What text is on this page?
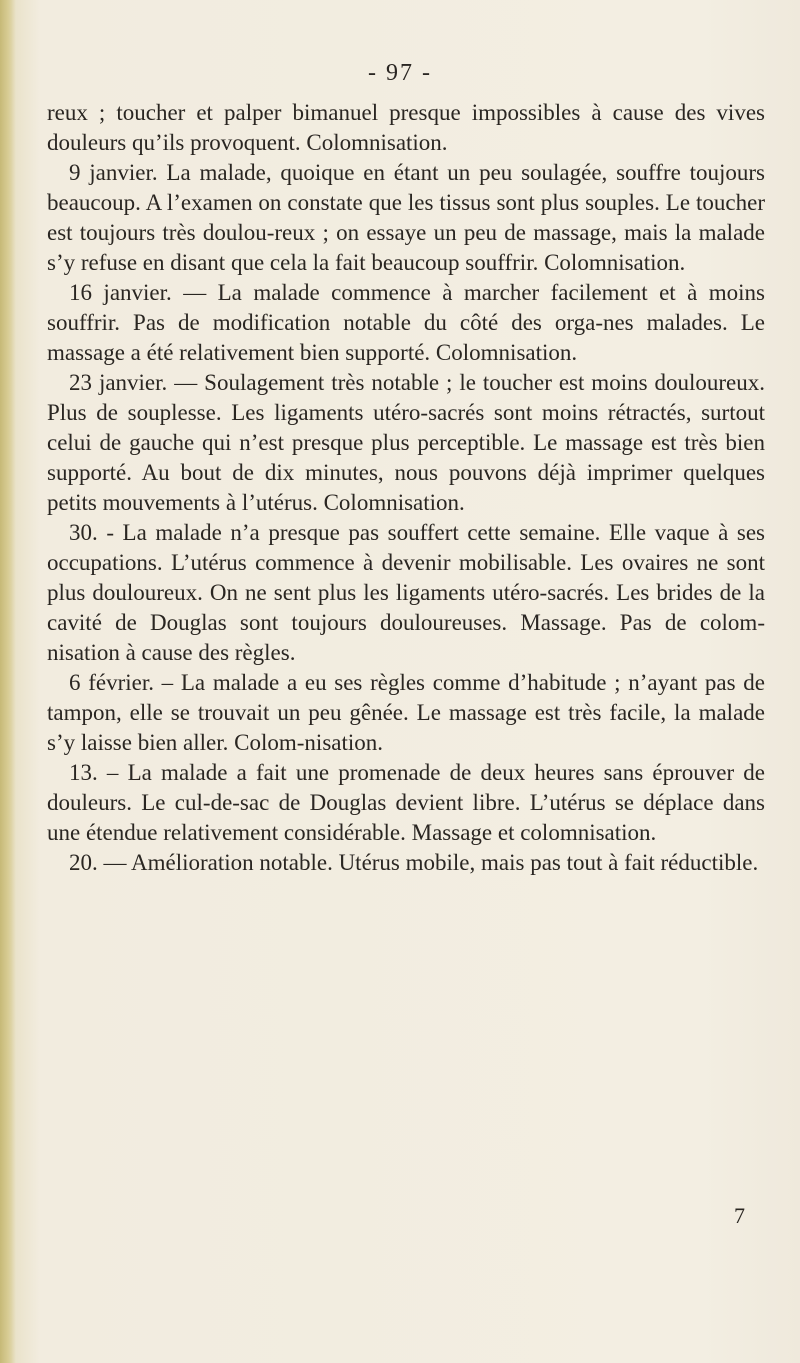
- 97 -

reux ; toucher et palper bimanuel presque impossibles à cause des vives douleurs qu’ils provoquent. Colomnisation.

9 janvier. La malade, quoique en étant un peu soulagée, souffre toujours beaucoup. A l’examen on constate que les tissus sont plus souples. Le toucher est toujours très doulou-reux ; on essaye un peu de massage, mais la malade s’y refuse en disant que cela la fait beaucoup souffrir. Colomnisation.

16 janvier. — La malade commence à marcher facilement et à moins souffrir. Pas de modification notable du côté des orga-nes malades. Le massage a été relativement bien supporté. Colomnisation.

23 janvier. — Soulagement très notable ; le toucher est moins douloureux. Plus de souplesse. Les ligaments utéro-sacrés sont moins rétractés, surtout celui de gauche qui n’est presque plus perceptible. Le massage est très bien supporté. Au bout de dix minutes, nous pouvons déjà imprimer quelques petits mouvements à l’utérus. Colomnisation.

30. - La malade n’a presque pas souffert cette semaine. Elle vaque à ses occupations. L’utérus commence à devenir mobilisable. Les ovaires ne sont plus douloureux. On ne sent plus les ligaments utéro-sacrés. Les brides de la cavité de Douglas sont toujours douloureuses. Massage. Pas de colom-nisation à cause des règles.

6 février. – La malade a eu ses règles comme d’habitude ; n’ayant pas de tampon, elle se trouvait un peu gênée. Le massage est très facile, la malade s’y laisse bien aller. Colom-nisation.

13. – La malade a fait une promenade de deux heures sans éprouver de douleurs. Le cul-de-sac de Douglas devient libre. L’utérus se déplace dans une étendue relativement considérable. Massage et colomnisation.

20. — Amélioration notable. Utérus mobile, mais pas tout à fait réductible.

7
